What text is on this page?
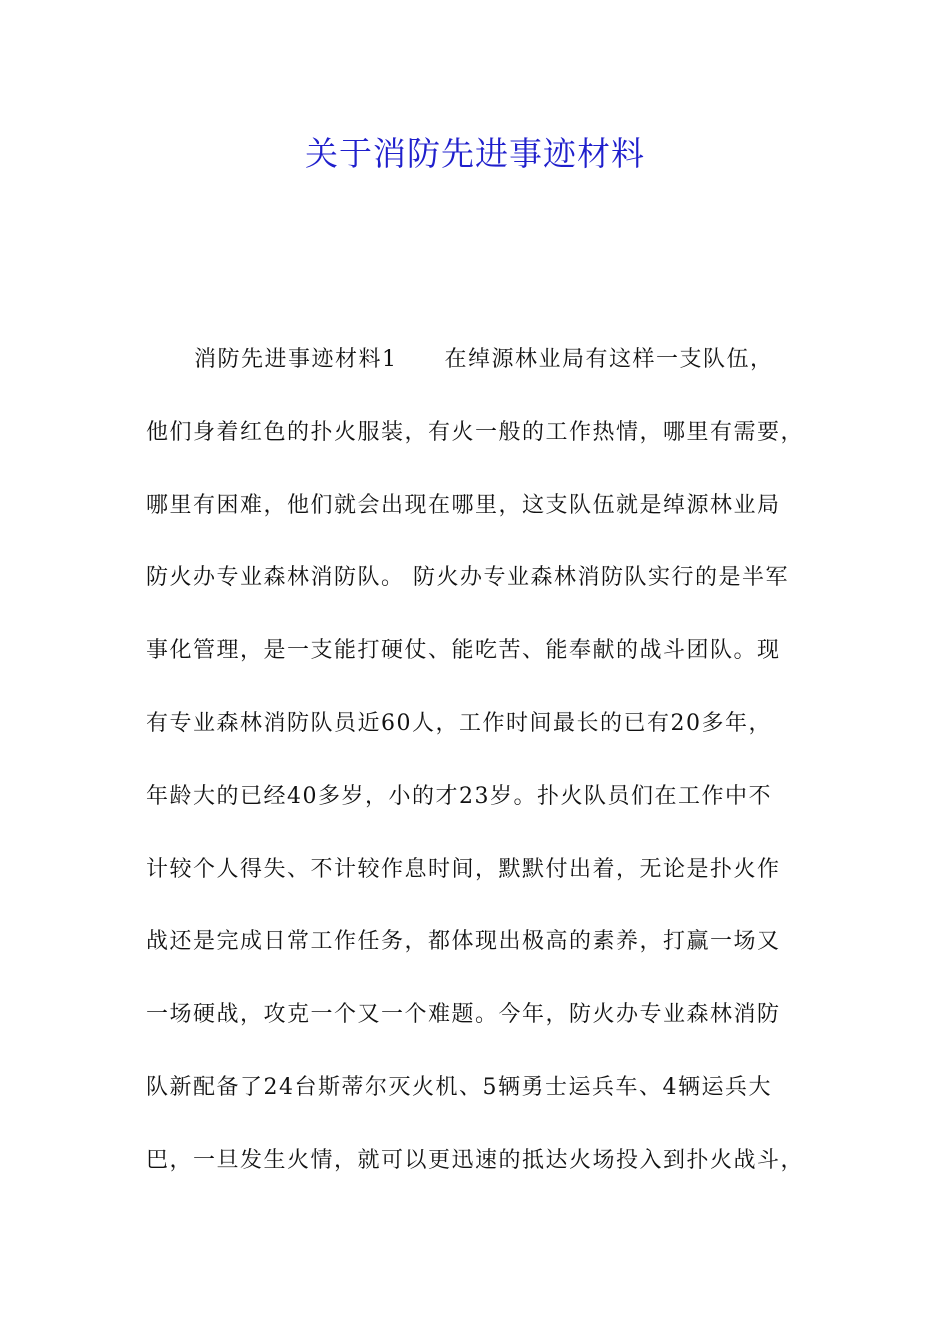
关于消防先进事迹材料
消防先进事迹材料1　　在绰源林业局有这样一支队伍，
他们身着红色的扑火服装，有火一般的工作热情，哪里有需要，
哪里有困难，他们就会出现在哪里，这支队伍就是绰源林业局
防火办专业森林消防队。 防火办专业森林消防队实行的是半军
事化管理，是一支能打硬仗、能吃苦、能奉献的战斗团队。现
有专业森林消防队员近60人，工作时间最长的已有20多年，
年龄大的已经40多岁，小的才23岁。扑火队员们在工作中不
计较个人得失、不计较作息时间，默默付出着，无论是扑火作
战还是完成日常工作任务，都体现出极高的素养，打赢一场又
一场硬战，攻克一个又一个难题。今年，防火办专业森林消防
队新配备了24台斯蒂尔灭火机、5辆勇士运兵车、4辆运兵大
巴，一旦发生火情，就可以更迅速的抵达火场投入到扑火战斗，
